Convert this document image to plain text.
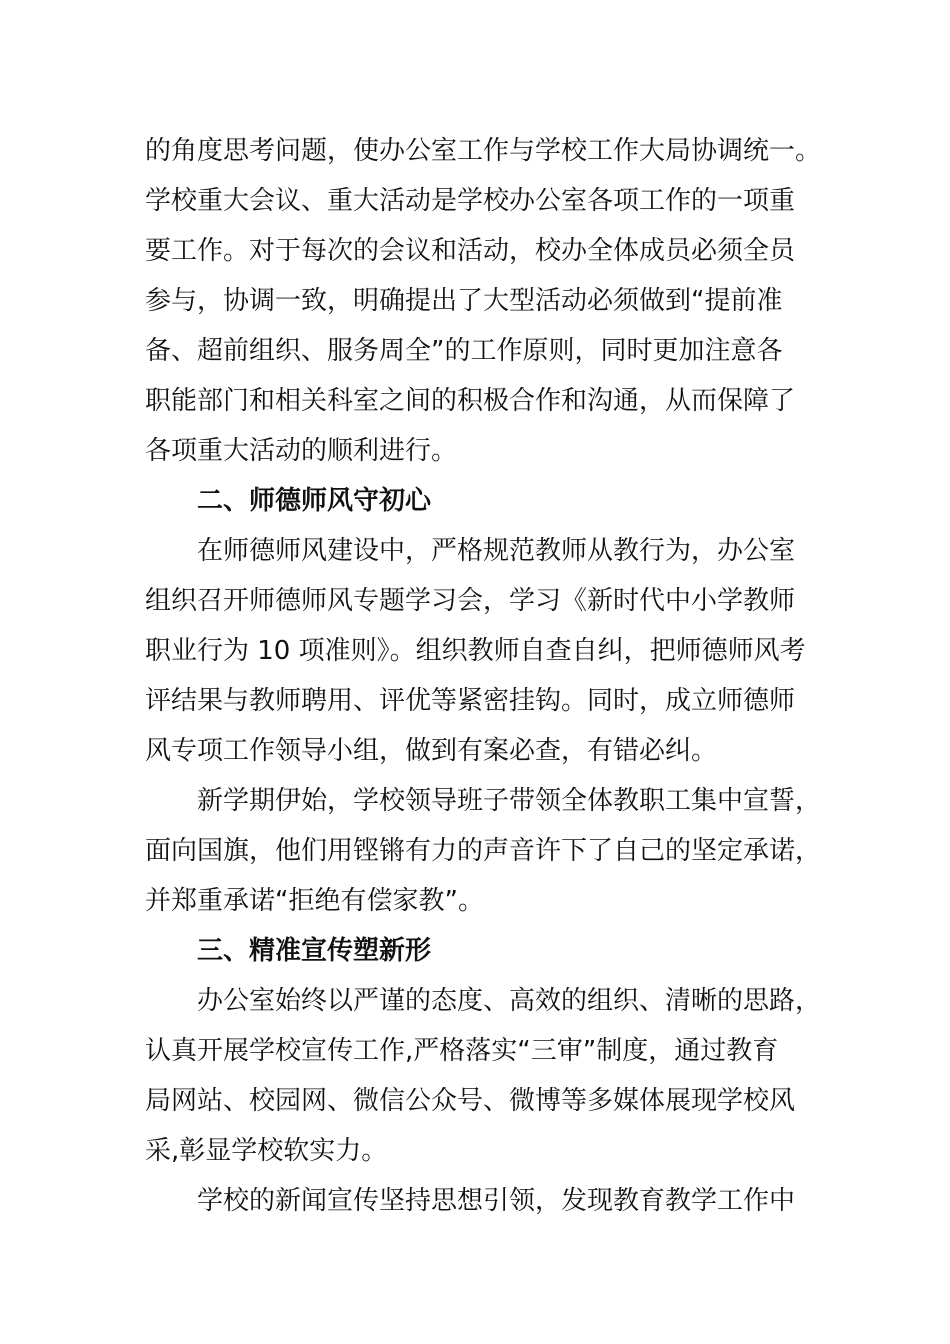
的角度思考问题，使办公室工作与学校工作大局协调统一。
学校重大会议、重大活动是学校办公室各项工作的一项重
要工作。对于每次的会议和活动，校办全体成员必须全员
参与，协调一致，明确提出了大型活动必须做到“提前准
备、超前组织、服务周全”的工作原则，同时更加注意各
职能部门和相关科室之间的积极合作和沟通，从而保障了
各项重大活动的顺利进行。
二、师德师风守初心
在师德师风建设中，严格规范教师从教行为，办公室
组织召开师德师风专题学习会，学习《新时代中小学教师
职业行为 10 项准则》。组织教师自查自纠，把师德师风考
评结果与教师聘用、评优等紧密挂钩。同时，成立师德师
风专项工作领导小组，做到有案必查，有错必纠。
新学期伊始，学校领导班子带领全体教职工集中宣誓，
面向国旗，他们用铿锵有力的声音许下了自己的坚定承诺，
并郑重承诺“拒绝有偿家教”。
三、精准宣传塑新形
办公室始终以严谨的态度、高效的组织、清晰的思路，
认真开展学校宣传工作,严格落实“三审”制度，通过教育
局网站、校园网、微信公众号、微博等多媒体展现学校风
采,彰显学校软实力。
学校的新闻宣传坚持思想引领，发现教育教学工作中
